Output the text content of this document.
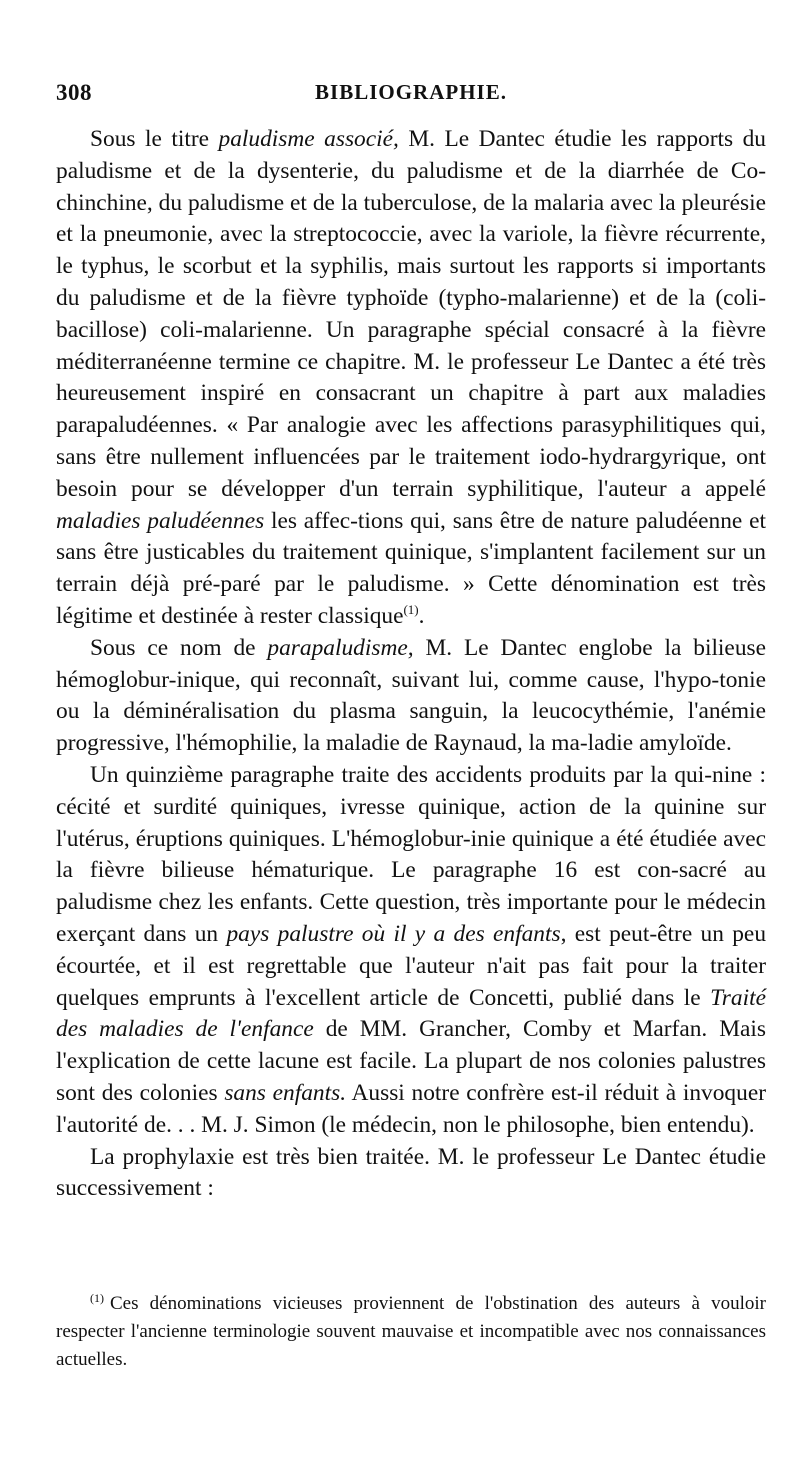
308	BIBLIOGRAPHIE.

Sous le titre paludisme associé, M. Le Dantec étudie les rapports du paludisme et de la dysenterie, du paludisme et de la diarrhée de Co-chinchine, du paludisme et de la tuberculose, de la malaria avec la pleurésie et la pneumonie, avec la streptococcie, avec la variole, la fièvre récurrente, le typhus, le scorbut et la syphilis, mais surtout les rapports si importants du paludisme et de la fièvre typhoïde (typho-malarienne) et de la (coli-bacillose) coli-malarienne. Un paragraphe spécial consacré à la fièvre méditerranéenne termine ce chapitre. M. le professeur Le Dantec a été très heureusement inspiré en consacrant un chapitre à part aux maladies parapaludéennes. « Par analogie avec les affections parasyphilitiques qui, sans être nullement influencées par le traitement iodo-hydrargyrique, ont besoin pour se développer d'un terrain syphilitique, l'auteur a appelé maladies paludéennes les affec-tions qui, sans être de nature paludéenne et sans être justicables du traitement quinique, s'implantent facilement sur un terrain déjà pré-paré par le paludisme. » Cette dénomination est très légitime et destinée à rester classique$^{(1)}$.

Sous ce nom de parapaludisme, M. Le Dantec englobe la bilieuse hémoglobur-inique, qui reconnaît, suivant lui, comme cause, l'hypo-tonie ou la déminéralisation du plasma sanguin, la leucocythémie, l'anémie progressive, l'hémophilie, la maladie de Raynaud, la ma-ladie amyloïde.

Un quinzième paragraphe traite des accidents produits par la qui-nine : cécité et surdité quiniques, ivresse quinique, action de la quinine sur l'utérus, éruptions quiniques. L'hémoglobur-inie quinique a été étudiée avec la fièvre bilieuse hématurique. Le paragraphe 16 est con-sacré au paludisme chez les enfants. Cette question, très importante pour le médecin exerçant dans un pays palustre où il y a des enfants, est peut-être un peu écourtée, et il est regrettable que l'auteur n'ait pas fait pour la traiter quelques emprunts à l'excellent article de Concetti, publié dans le Traité des maladies de l'enfance de MM. Grancher, Comby et Marfan. Mais l'explication de cette lacune est facile. La plupart de nos colonies palustres sont des colonies sans enfants. Aussi notre confrère est-il réduit à invoquer l'autorité de. . . M. J. Simon (le médecin, non le philosophe, bien entendu).

La prophylaxie est très bien traitée. M. le professeur Le Dantec étudie successivement :

$^{(1)}$ Ces dénominations vicieuses proviennent de l'obstination des auteurs à vouloir respecter l'ancienne terminologie souvent mauvaise et incompatible avec nos connaissances actuelles.
